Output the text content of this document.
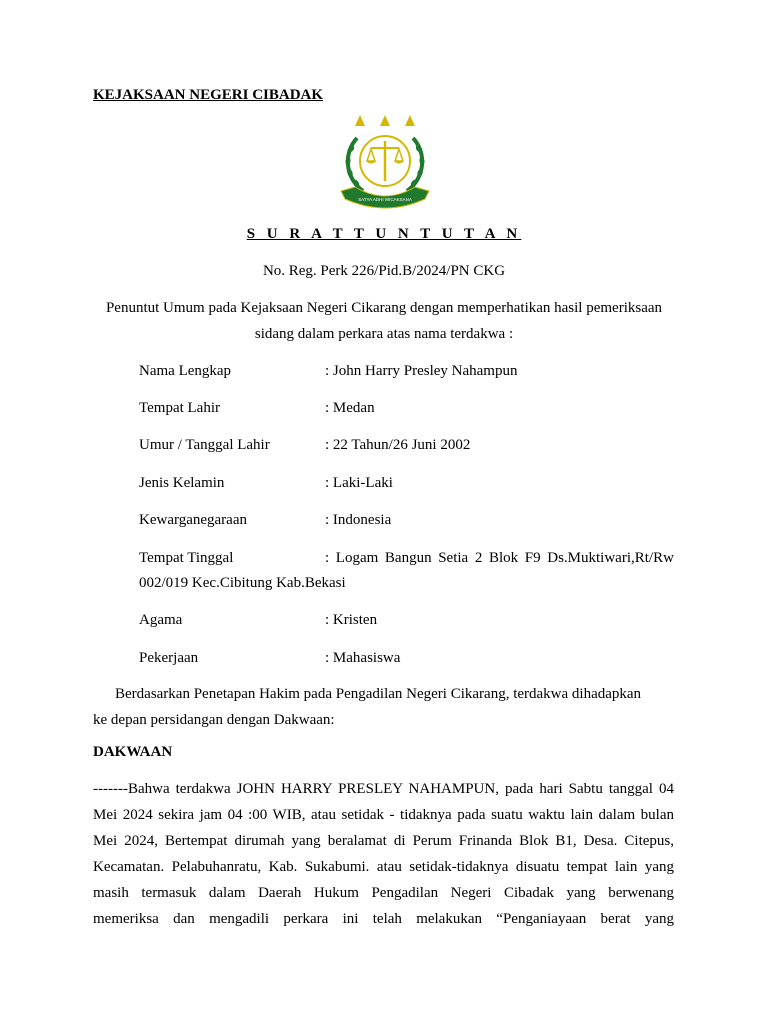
KEJAKSAAN NEGERI CIBADAK
SATYA ADHI WICAKSANA
S U R A T T U N T U T A N
No. Reg. Perk 226/Pid.B/2024/PN CKG
Penuntut Umum pada Kejaksaan Negeri Cikarang dengan memperhatikan hasil pemeriksaan
sidang dalam perkara atas nama terdakwa :
Nama Lengkap	: John Harry Presley Nahampun
Tempat Lahir	: Medan
Umur / Tanggal Lahir	: 22 Tahun/26 Juni 2002
Jenis Kelamin	: Laki-Laki
Kewarganegaraan	: Indonesia
Tempat Tinggal	: Logam Bangun Setia 2 Blok F9 Ds.Muktiwari,Rt/Rw
002/019 Kec.Cibitung Kab.Bekasi
Agama	: Kristen
Pekerjaan	: Mahasiswa
Berdasarkan Penetapan Hakim pada Pengadilan Negeri Cikarang, terdakwa dihadapkan
ke depan persidangan dengan Dakwaan:
DAKWAAN
-------Bahwa terdakwa JOHN HARRY PRESLEY NAHAMPUN, pada hari Sabtu tanggal 04
Mei 2024 sekira jam 04 :00 WIB, atau setidak - tidaknya pada suatu waktu lain dalam bulan
Mei 2024, Bertempat dirumah yang beralamat di Perum Frinanda Blok B1, Desa. Citepus,
Kecamatan. Pelabuhanratu, Kab. Sukabumi. atau setidak-tidaknya disuatu tempat lain yang
masih termasuk dalam Daerah Hukum Pengadilan Negeri Cibadak yang berwenang
memeriksa dan mengadili perkara ini telah melakukan “Penganiayaan berat yang
